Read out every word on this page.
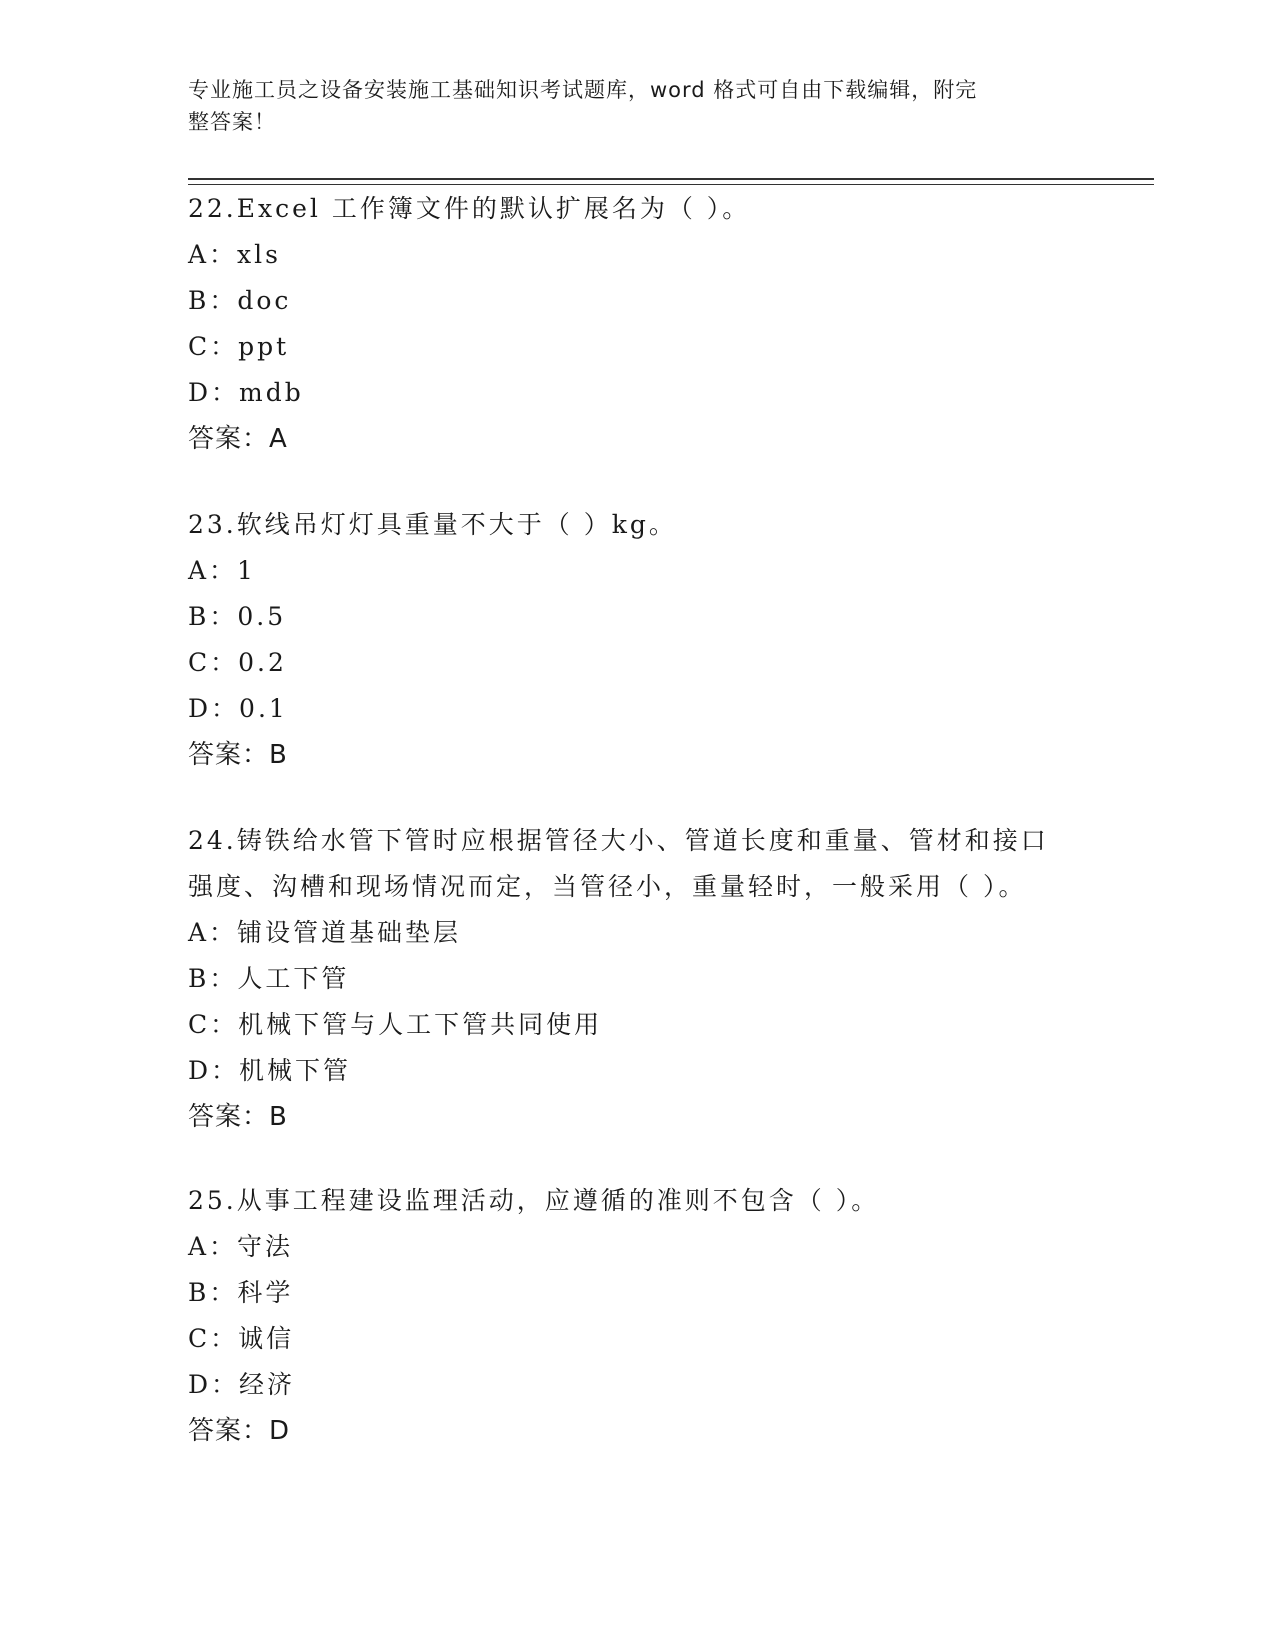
专业施工员之设备安装施工基础知识考试题库，word 格式可自由下载编辑，附完
整答案！
22.Excel 工作簿文件的默认扩展名为（ ）。
A：xls
B：doc
C：ppt
D：mdb
答案：A
23.软线吊灯灯具重量不大于（ ）kg。
A：1
B：0.5
C：0.2
D：0.1
答案：B
24.铸铁给水管下管时应根据管径大小、管道长度和重量、管材和接口
强度、沟槽和现场情况而定，当管径小，重量轻时，一般采用（ ）。
A：铺设管道基础垫层
B：人工下管
C：机械下管与人工下管共同使用
D：机械下管
答案：B
25.从事工程建设监理活动，应遵循的准则不包含（ ）。
A：守法
B：科学
C：诚信
D：经济
答案：D
